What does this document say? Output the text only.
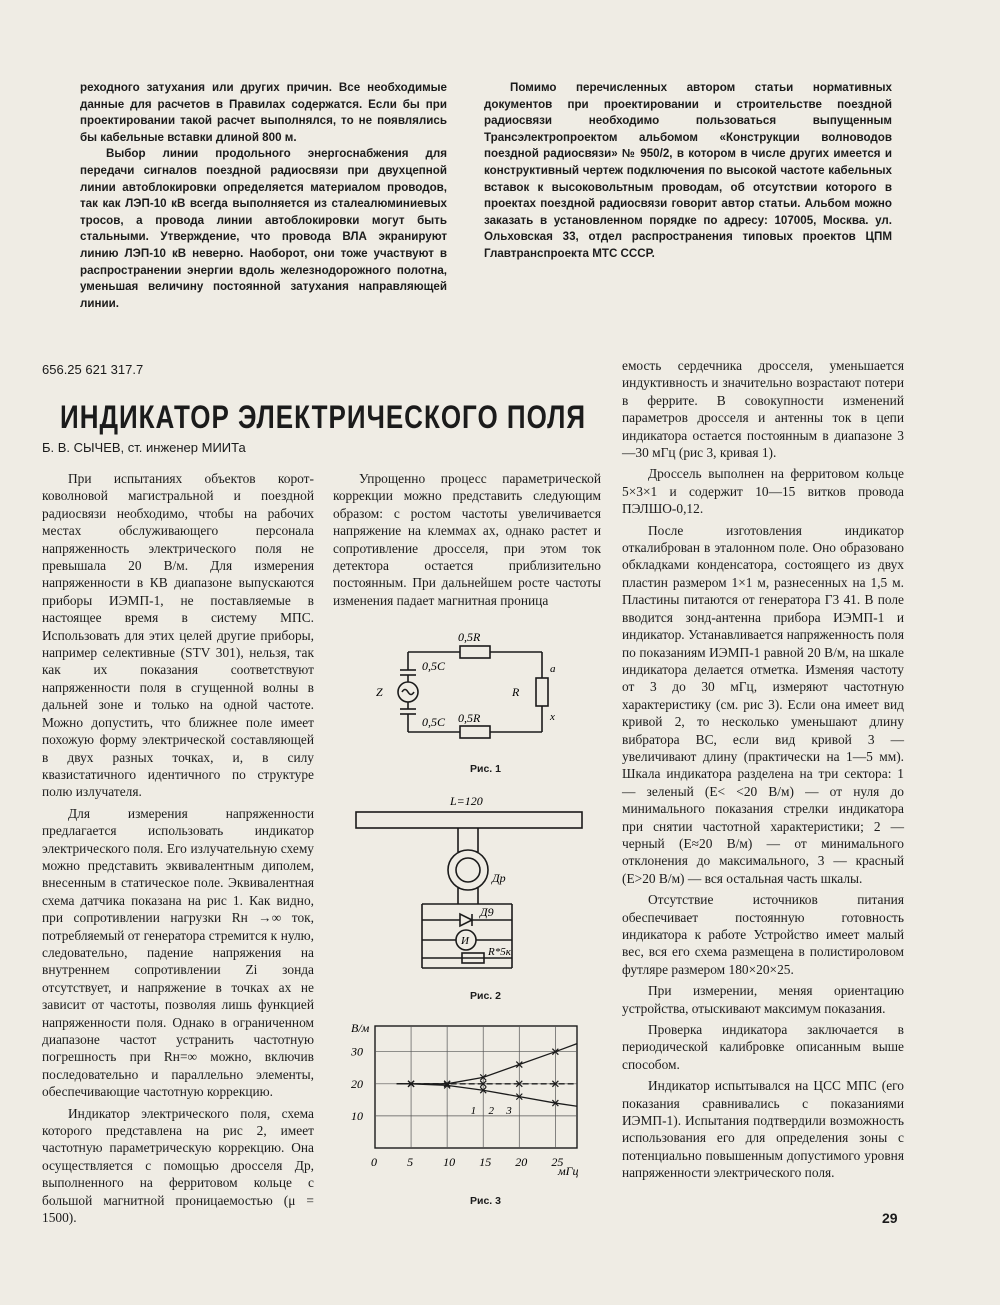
реходного затухания или других причин. Все необходимые данные для расчетов в Правилах содержатся. Если бы при проектировании такой расчет выполнялся, то не появлялись бы кабельные вставки длиной 800 м.

Выбор линии продольного энергоснабжения для передачи сигналов поездной радиосвязи при двухцепной линии автоблокировки определяется материалом проводов, так как ЛЭП-10 кВ всегда выполняется из сталеалюминиевых тросов, а провода линии автоблокировки могут быть стальными. Утверждение, что провода ВЛА экранируют линию ЛЭП-10 кВ неверно. Наоборот, они тоже участвуют в распространении энергии вдоль железнодорожного полотна, уменьшая величину постоянной затухания направляющей линии.

Помимо перечисленных автором статьи нормативных документов при проектировании и строительстве поездной радиосвязи необходимо пользоваться выпущенным Трансэлектропроектом альбомом «Конструкции волноводов поездной радиосвязи» № 950/2, в котором в числе других имеется и конструктивный чертеж подключения по высокой частоте кабельных вставок к высоковольтным проводам, об отсутствии которого в проектах поездной радиосвязи говорит автор статьи. Альбом можно заказать в установленном порядке по адресу: 107005, Москва. ул. Ольховская 33, отдел распространения типовых проектов ЦПМ Главтранспроекта МТС СССР.

656.25 621 317.7
ИНДИКАТОР ЭЛЕКТРИЧЕСКОГО ПОЛЯ
Б. В. СЫЧЕВ, ст. инженер МИИТа

При испытаниях объектов коротковолновой магистральной и поездной радиосвязи необходимо, чтобы на рабочих местах обслуживающего персонала напряженность электрического поля не превышала 20 В/м. Для измерения напряженности в КВ диапазоне выпускаются приборы ИЭМП-1, не поставляемые в настоящее время в систему МПС. Использовать для этих целей другие приборы, например селективные (STV 301), нельзя, так как их показания соответствуют напряженности поля в сгущенной волны в дальней зоне и только на одной частоте. Можно допустить, что ближнее поле имеет похожую форму электрической составляющей в двух разных точках, и, в силу квазистатичного идентичного по структуре полю излучателя.

Для измерения напряженности предлагается использовать индикатор электрического поля. Его излучательную схему можно представить эквивалентным диполем, внесенным в статическое поле. Эквивалентная схема датчика показана на рис 1. Как видно, при сопротивлении нагрузки Rн →∞ ток, потребляемый от генератора стремится к нулю, следовательно, падение напряжения на внутреннем сопротивлении Zi зонда отсутствует, и напряжение в точках ах не зависит от частоты, позволяя лишь функцией напряженности поля. Однако в ограниченном диапазоне частот устранить частотную погрешность при Rн=∞ можно, включив последовательно и параллельно элементы, обеспечивающие частотную коррекцию.

Индикатор электрического поля, схема которого представлена на рис 2, имеет частотную параметрическую коррекцию. Она осуществляется с помощью дросселя Др, выполненного на ферритовом кольце с большой магнитной проницаемостью (μ = 1500).

Упрощенно процесс параметрической коррекции можно представить следующим образом: с ростом частоты увеличивается напряжение на клеммах ах, однако растет и сопротивление дросселя, при этом ток детектора остается приблизительно постоянным. При дальнейшем росте частоты изменения падает магнитная проница

емость сердечника дросселя, уменьшается индуктивность и значительно возрастают потери в феррите. В совокупности изменений параметров дросселя и антенны ток в цепи индикатора остается постоянным в диапазоне 3—30 мГц (рис 3, кривая 1).

Дроссель выполнен на ферритовом кольце 5×3×1 и содержит 10—15 витков провода ПЭЛШО-0,12.

После изготовления индикатор откалиброван в эталонном поле. Оно образовано обкладками конденсатора, состоящего из двух пластин размером 1×1 м, разнесенных на 1,5 м. Пластины питаются от генератора Г3 41. В поле вводится зонд-антенна прибора ИЭМП-1 и индикатор. Устанавливается напряженность поля по показаниям ИЭМП-1 равной 20 В/м, на шкале индикатора делается отметка. Изменяя частоту от 3 до 30 мГц, измеряют частотную характеристику (см. рис 3). Если она имеет вид кривой 2, то несколько уменьшают длину вибратора ВС, если вид кривой 3 — увеличивают длину (практически на 1—5 мм). Шкала индикатора разделена на три сектора: 1 — зеленый (Е< <20 В/м) — от нуля до минимального показания стрелки индикатора при снятии частотной характеристики; 2 — черный (Е≈20 В/м) — от минимального отклонения до максимального, 3 — красный (Е>20 В/м) — вся остальная часть шкалы.

Отсутствие источников питания обеспечивает постоянную готовность индикатора к работе Устройство имеет малый вес, вся его схема размещена в полистироловом футляре размером 180×20×25.

При измерении, меняя ориентацию устройства, отыскивают максимум показания.

Проверка индикатора заключается в периодической калибровке описанным выше способом.

Индикатор испытывался на ЦСС МПС (его показания сравнивались с показаниями ИЭМП-1). Испытания подтвердили возможность использования его для определения зоны с потенциально повышенным допустимого уровня напряженности электрического поля.

0,5R
0,5R
0,5C
0,5C
Z	R
a
x
Рис. 1
L=120
Др
Д9
И
R*5к
Рис. 2
1 2 3
0	5	10 15 20 25
10
20
30
В/м
мГц
Рис. 3
29
